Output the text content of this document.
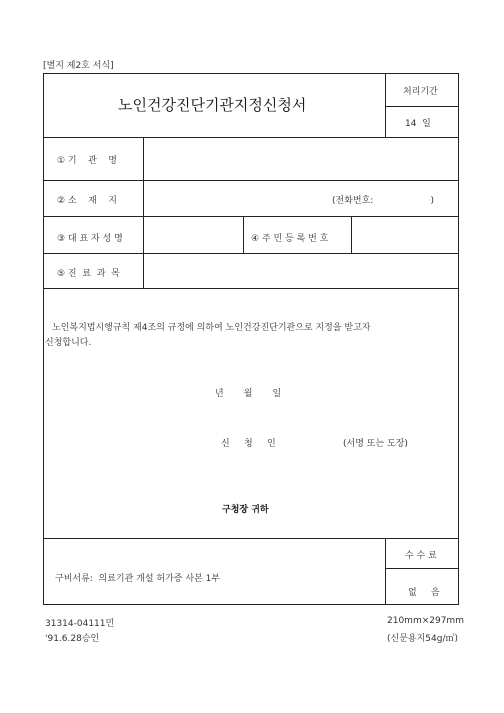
[별지 제2호 서식]
노인건강진단기관지정신청서
처리기간
14  일
① 기    관    명
② 소    재    지	(전화번호:                    )
③ 대 표 자 성 명	④ 주 민 등 록 번 호
⑤ 진  료  과  목
노인복지법시행규칙 제4조의 규정에 의하여 노인건강진단기관으로 지정을 받고자
신청합니다.
년       월       일
신     청     인	(서명 또는 도장)
구청장 귀하
구비서류:  의료기관 개설 허가증 사본 1부
수 수 료
없     음
31314-04111민
'91.6.28승인
210mm×297mm
(신문용지54g/㎡)
